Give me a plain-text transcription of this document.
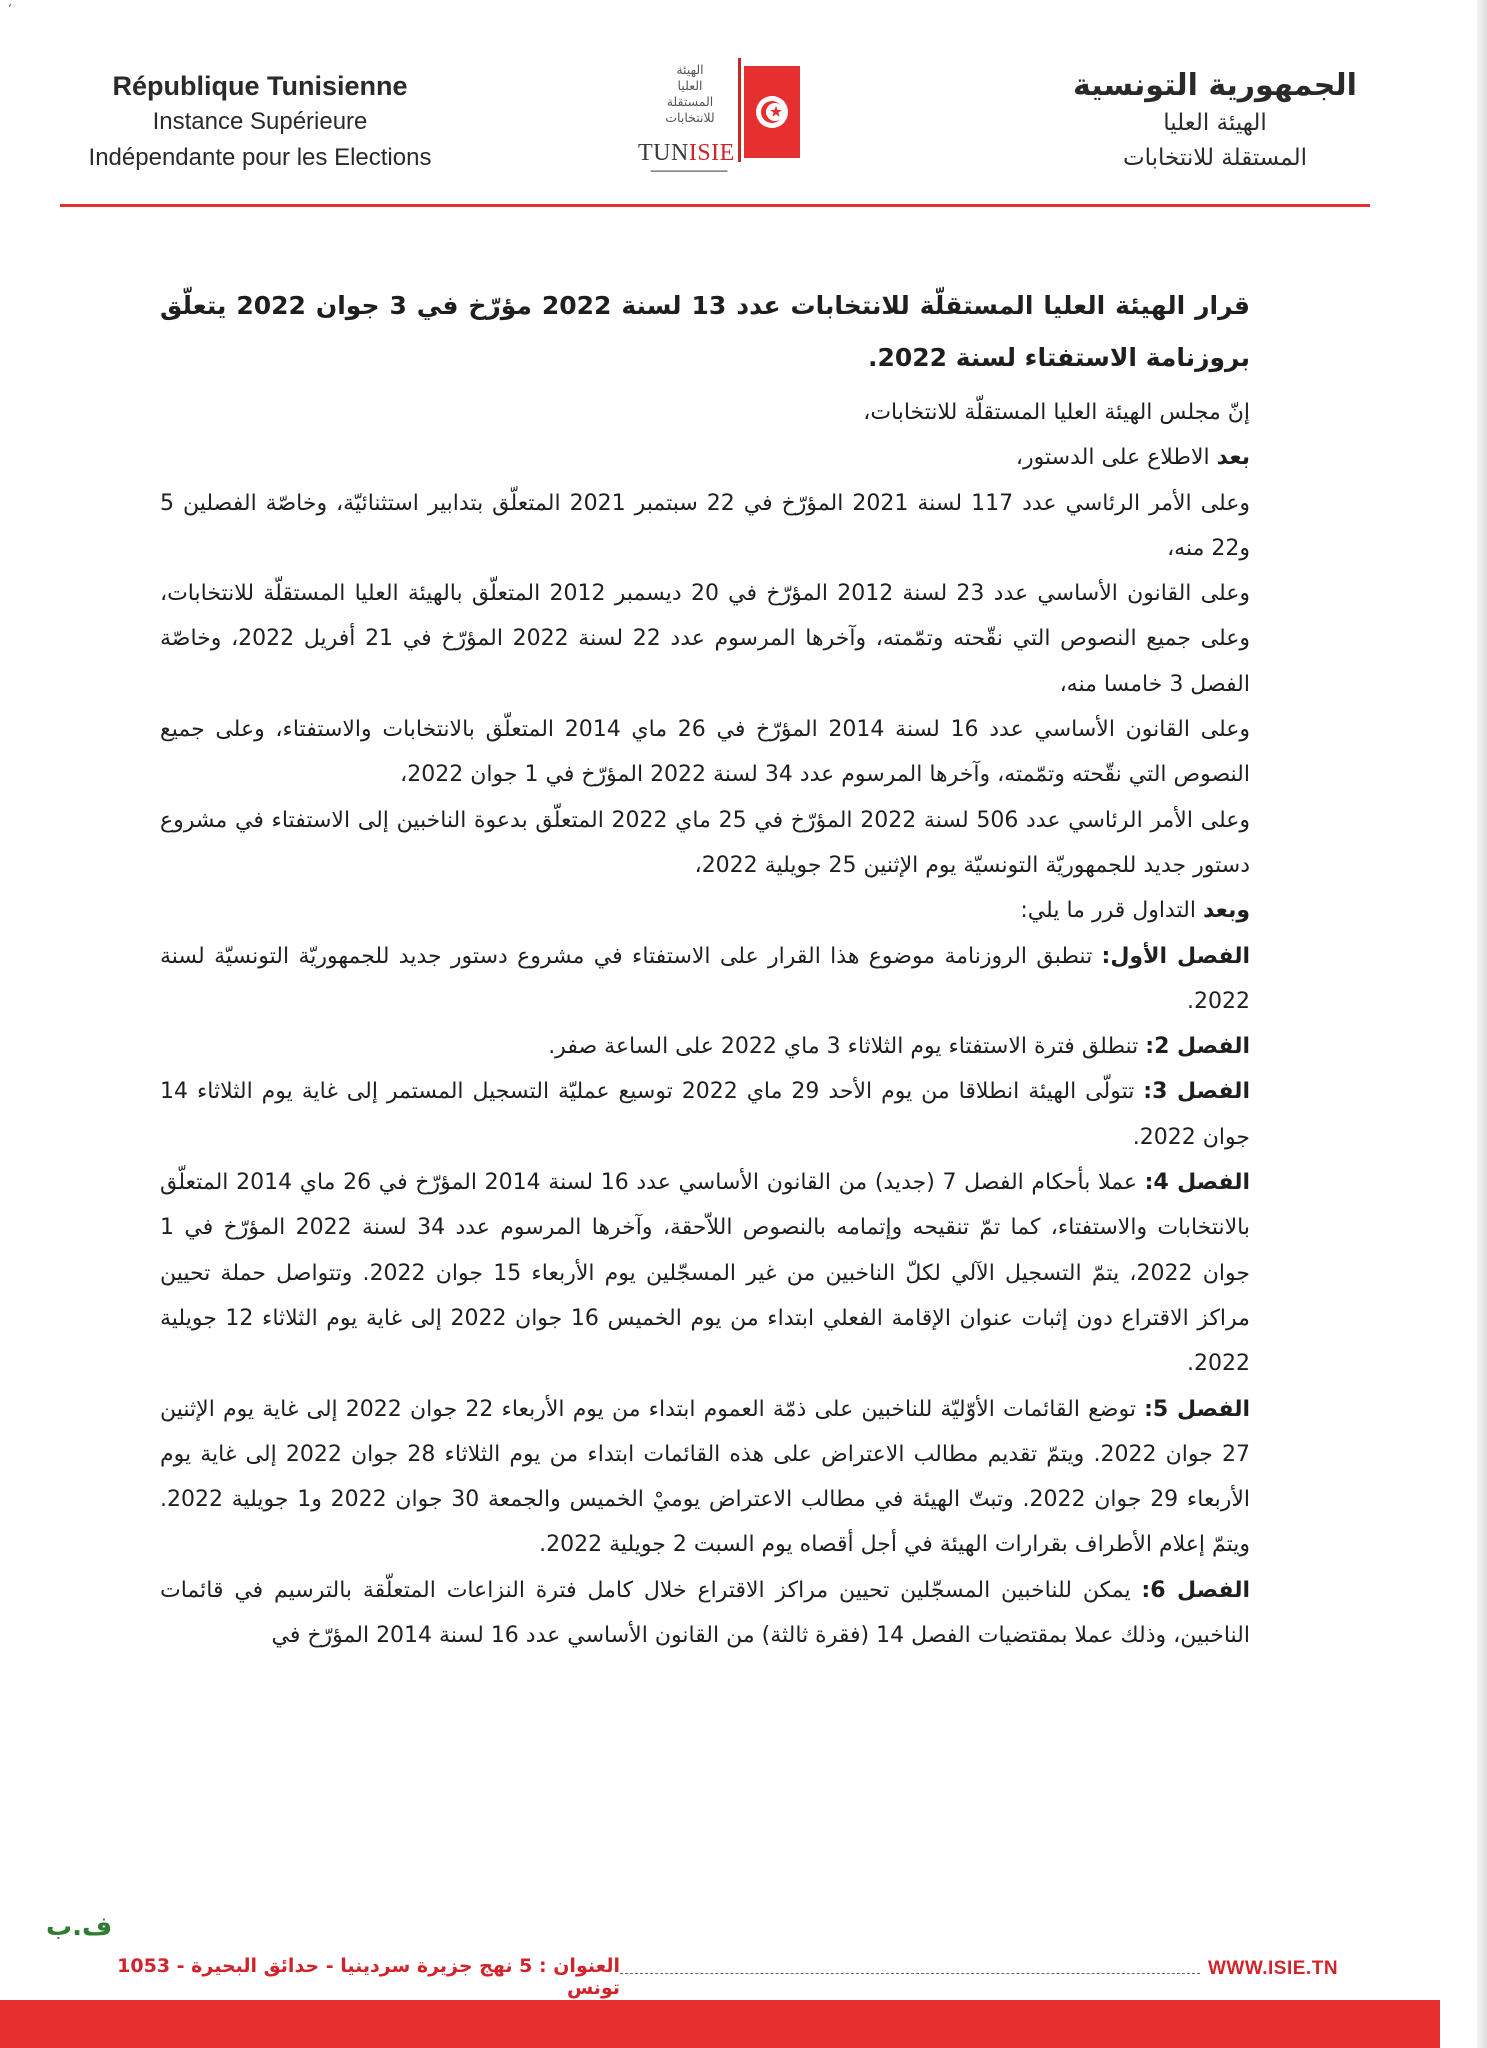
ʼ
République Tunisienne
Instance Supérieure
Indépendante pour les Elections
الهيئة
العليا
المستقلة
للانتخابات
TUNISIE
▬▬▬▬▬▬▬▬▬▬▬▬▬▬
الجمهورية التونسية
الهيئة العليا
المستقلة للانتخابات

قرار الهيئة العليا المستقلّة للانتخابات عدد 13 لسنة 2022 مؤرّخ في 3 جوان 2022 يتعلّق بروزنامة الاستفتاء لسنة 2022.

إنّ مجلس الهيئة العليا المستقلّة للانتخابات،

بعد الاطلاع على الدستور،

وعلى الأمر الرئاسي عدد 117 لسنة 2021 المؤرّخ في 22 سبتمبر 2021 المتعلّق بتدابير استثنائيّة، وخاصّة الفصلين 5 و22 منه،

وعلى القانون الأساسي عدد 23 لسنة 2012 المؤرّخ في 20 ديسمبر 2012 المتعلّق بالهيئة العليا المستقلّة للانتخابات، وعلى جميع النصوص التي نقّحته وتمّمته، وآخرها المرسوم عدد 22 لسنة 2022 المؤرّخ في 21 أفريل 2022، وخاصّة الفصل 3 خامسا منه،

وعلى القانون الأساسي عدد 16 لسنة 2014 المؤرّخ في 26 ماي 2014 المتعلّق بالانتخابات والاستفتاء، وعلى جميع النصوص التي نقّحته وتمّمته، وآخرها المرسوم عدد 34 لسنة 2022 المؤرّخ في 1 جوان 2022،

وعلى الأمر الرئاسي عدد 506 لسنة 2022 المؤرّخ في 25 ماي 2022 المتعلّق بدعوة الناخبين إلى الاستفتاء في مشروع دستور جديد للجمهوريّة التونسيّة يوم الإثنين 25 جويلية 2022،

وبعد التداول قرر ما يلي:

الفصل الأول: تنطبق الروزنامة موضوع هذا القرار على الاستفتاء في مشروع دستور جديد للجمهوريّة التونسيّة لسنة 2022.

الفصل 2: تنطلق فترة الاستفتاء يوم الثلاثاء 3 ماي 2022 على الساعة صفر.

الفصل 3: تتولّى الهيئة انطلاقا من يوم الأحد 29 ماي 2022 توسيع عمليّة التسجيل المستمر إلى غاية يوم الثلاثاء 14 جوان 2022.

الفصل 4: عملا بأحكام الفصل 7 (جديد) من القانون الأساسي عدد 16 لسنة 2014 المؤرّخ في 26 ماي 2014 المتعلّق بالانتخابات والاستفتاء، كما تمّ تنقيحه وإتمامه بالنصوص اللاّحقة، وآخرها المرسوم عدد 34 لسنة 2022 المؤرّخ في 1 جوان 2022، يتمّ التسجيل الآلي لكلّ الناخبين من غير المسجّلين يوم الأربعاء 15 جوان 2022. وتتواصل حملة تحيين مراكز الاقتراع دون إثبات عنوان الإقامة الفعلي ابتداء من يوم الخميس 16 جوان 2022 إلى غاية يوم الثلاثاء 12 جويلية 2022.

الفصل 5: توضع القائمات الأوّليّة للناخبين على ذمّة العموم ابتداء من يوم الأربعاء 22 جوان 2022 إلى غاية يوم الإثنين 27 جوان 2022. ويتمّ تقديم مطالب الاعتراض على هذه القائمات ابتداء من يوم الثلاثاء 28 جوان 2022 إلى غاية يوم الأربعاء 29 جوان 2022. وتبتّ الهيئة في مطالب الاعتراض يوميْ الخميس والجمعة 30 جوان 2022 و1 جويلية 2022. ويتمّ إعلام الأطراف بقرارات الهيئة في أجل أقصاه يوم السبت 2 جويلية 2022.

الفصل 6: يمكن للناخبين المسجّلين تحيين مراكز الاقتراع خلال كامل فترة النزاعات المتعلّقة بالترسيم في قائمات الناخبين، وذلك عملا بمقتضيات الفصل 14 (فقرة ثالثة) من القانون الأساسي عدد 16 لسنة 2014 المؤرّخ في

ف.ب
العنوان : 5 نهج جزيرة سردينيا - حدائق البحيرة - 1053 تونس
WWW.ISIE.TN
